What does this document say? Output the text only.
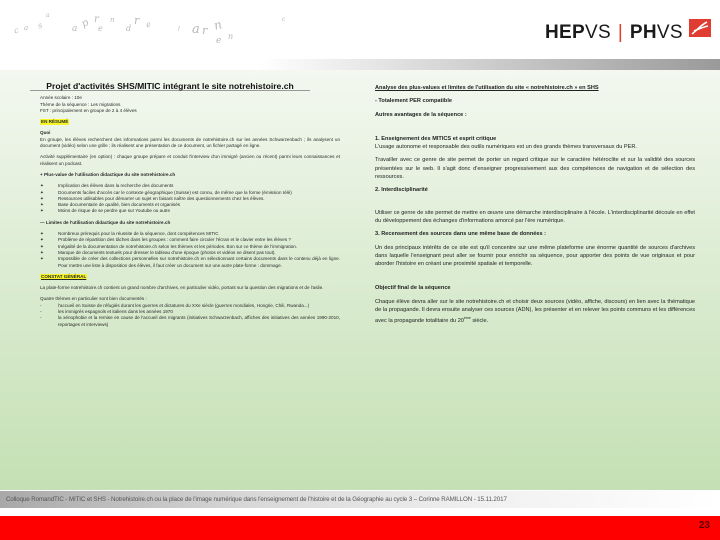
c a s
a
a p r
e
n
d
r e	l a r n
e n
c
HEPVS | PHVS
Projet d'activités SHS/MITIC intégrant le site notrehistoire.ch
Année scolaire : 10e
Thème de la séquence : Les migrations
FST : principalement en groupe de 2 à 4 élèves
EN RÉSUMÉ
Quoi
En groupe, les élèves recherchent des informations parmi les documents de notrehistoire.ch sur les années Schwarzenbach ; ils analysent un document (vidéo) selon une grille ; ils réalisent une présentation de ce document, un fichier partagé en ligne.
Activité supplémentaire (en option) : chaque groupe prépare et conduit l'interview d'un immigré (ancien ou récent) parmi leurs connaissances et réalisent un podcast.
+ Plus-value de l'utilisation didactique du site notrehistoire.ch
✦	Implication des élèves dans la recherche des documents
✦	Documents faciles d'accès car le contexte géographique (Suisse) est connu, de même que la forme (émission télé)
✦	Ressources utilisables pour démarrer un sujet en faisant naître des questionnements chez les élèves.
✦	Base documentaire de qualité, bien documents et organisés
✦	Moins de risque de se perdre que sur Youtube ou autre
— Limites de l'utilisation didactique du site notrehistoire.ch
✦	Nombreux prérequis pour la réussite de la séquence, dont compétences MITIC
✦	Problème de répartition des tâches dans les groupes : comment faire circuler l'écran et le clavier entre les élèves ?
✦	Inégalité de la documentation de notrehistoire.ch selon les thèmes et les périodes. Bon sur ce thème de l'immigration.
✦	Manque de documents textuels pour dresser le tableau d'une époque (photos et vidéos ne disent pas tout).
✦	Impossible de créer des collections personnelles sur notrehistoire.ch en sélectionnant certains documents dans le contenu déjà en ligne. Pour mettre une liste à disposition des élèves, il faut créer un document sur une autre plate-forme : dommage.
CONSTAT GÉNÉRAL
La plate-forme notrehistoire.ch contient un grand nombre d'archives, en particulier vidéo, portant sur la question des migrations et de l'asile.
Quatre thèmes en particulier sont bien documentés :
-	l'accueil en Suisse de réfugiés durant les guerres et dictatures du XXe siècle (guerres mondiales, Hongrie, Chili, Rwanda...)
-	les immigrés espagnols et italiens dans les années 1970
-	la xénophobie et la remise en cause de l'accueil des migrants (initiatives Schwarzenbach, affiches des initiatives des années 1990-2010, reportages et interviews)
Analyse des plus-values et limites de l'utilisation du site « notrehistoire.ch » en SHS
- Totalement PER compatible
Autres avantages de la séquence :
1. Enseignement des MITICS et esprit critique
L'usage autonome et responsable des outils numériques est un des grands thèmes transversaux du PER.
Travailler avec ce genre de site permet de porter un regard critique sur le caractère hétéroclite et sur la validité des sources présentées sur le web. Il s'agit donc d'enseigner progressivement aux des compétences de navigation et de sélection des ressources.
2. Interdisciplinarité
Utiliser ce genre de site permet de mettre en œuvre une démarche interdisciplinaire à l'école. L'interdisciplinarité découle en effet du développement des échanges d'informations amorcé par l'ère numérique.
3. Recensement des sources dans une même base de données :
Un des principaux intérêts de ce site est qu'il concentre sur une même plateforme une énorme quantité de sources d'archives dans laquelle l'enseignant peut aller se fournir pour enrichir sa séquence, pour apporter des points de vue originaux et pour aborder l'histoire en créant une proximité spatiale et temporelle.
Objectif final de la séquence
Chaque élève devra aller sur le site notrehistoire.ch et choisir deux sources (vidéo, affiche, discours) en lien avec la thématique de la propagande. Il devra ensuite analyser ces sources (ADN), les présenter et en relever les points communs et les différences avec la propagande totalitaire du 20ème siècle.
Colloque RomandTIC - MITIC et SHS - Notrehistoire.ch ou la place de l'image numérique dans l'enseignement de l'histoire et de la Géographie au cycle 3 – Corinne RAMILLON - 15.11.2017
23
